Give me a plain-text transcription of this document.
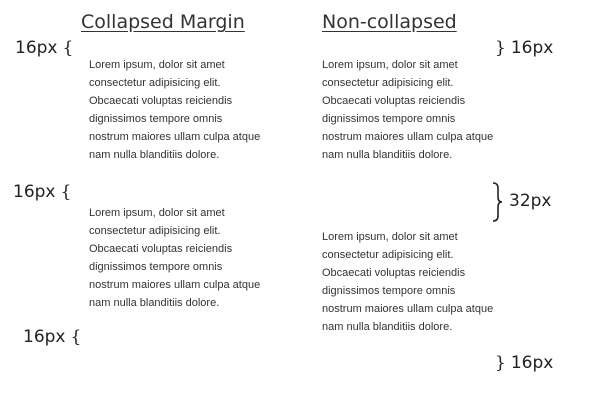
Collapsed Margin	Non-collapsed

Lorem ipsum, dolor sit amet consectetur adipisicing elit. Obcaecati voluptas reiciendis dignissimos tempore omnis nostrum maiores ullam culpa atque nam nulla blanditiis dolore.

Lorem ipsum, dolor sit amet consectetur adipisicing elit. Obcaecati voluptas reiciendis dignissimos tempore omnis nostrum maiores ullam culpa atque nam nulla blanditiis dolore.

Lorem ipsum, dolor sit amet consectetur adipisicing elit. Obcaecati voluptas reiciendis dignissimos tempore omnis nostrum maiores ullam culpa atque nam nulla blanditiis dolore.

Lorem ipsum, dolor sit amet consectetur adipisicing elit. Obcaecati voluptas reiciendis dignissimos tempore omnis nostrum maiores ullam culpa atque nam nulla blanditiis dolore.

16px {
16px {
16px {
} 16px
32px
} 16px
